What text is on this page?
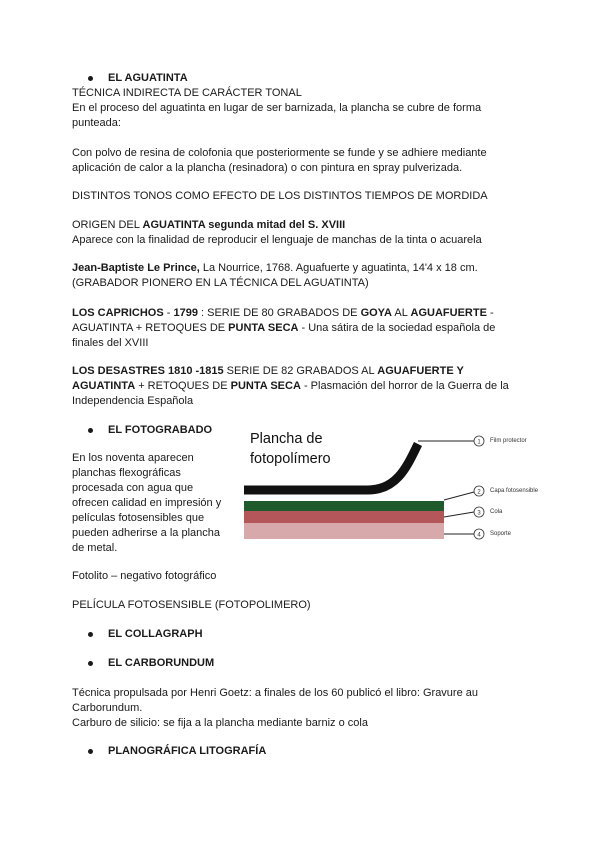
EL AGUATINTA

TÉCNICA INDIRECTA DE CARÁCTER TONAL

En el proceso del aguatinta en lugar de ser barnizada, la plancha se cubre de forma

punteada:

Con polvo de resina de colofonia que posteriormente se funde y se adhiere mediante

aplicación de calor a la plancha (resinadora) o con pintura en spray pulverizada.

DISTINTOS TONOS COMO EFECTO DE LOS DISTINTOS TIEMPOS DE MORDIDA

ORIGEN DEL AGUATINTA segunda mitad del S. XVIII

Aparece con la finalidad de reproducir el lenguaje de manchas de la tinta o acuarela

Jean-Baptiste Le Prince, La Nourrice, 1768. Aguafuerte y aguatinta, 14'4 x 18 cm.

(GRABADOR PIONERO EN LA TÉCNICA DEL AGUATINTA)

LOS CAPRICHOS - 1799 : SERIE DE 80 GRABADOS DE GOYA AL AGUAFUERTE -

AGUATINTA + RETOQUES DE PUNTA SECA - Una sátira de la sociedad española de

finales del XVIII

LOS DESASTRES 1810 -1815 SERIE DE 82 GRABADOS AL AGUAFUERTE Y

AGUATINTA + RETOQUES DE PUNTA SECA - Plasmación del horror de la Guerra de la

Independencia Española

EL FOTOGRABADO

En los noventa aparecen

planchas flexográficas

procesada con agua que

ofrecen calidad en impresión y

películas fotosensibles que

pueden adherirse a la plancha

de metal.

Plancha de
fotopolímero
1
2
3
4
Film protector
Capa fotosensible
Cola
Soporte

Fotolito – negativo fotográfico

PELÍCULA FOTOSENSIBLE (FOTOPOLIMERO)

EL COLLAGRAPH
EL CARBORUNDUM

Técnica propulsada por Henri Goetz: a finales de los 60 publicó el libro: Gravure au

Carborundum.

Carburo de silicio: se fija a la plancha mediante barniz o cola

PLANOGRÁFICA LITOGRAFÍA
